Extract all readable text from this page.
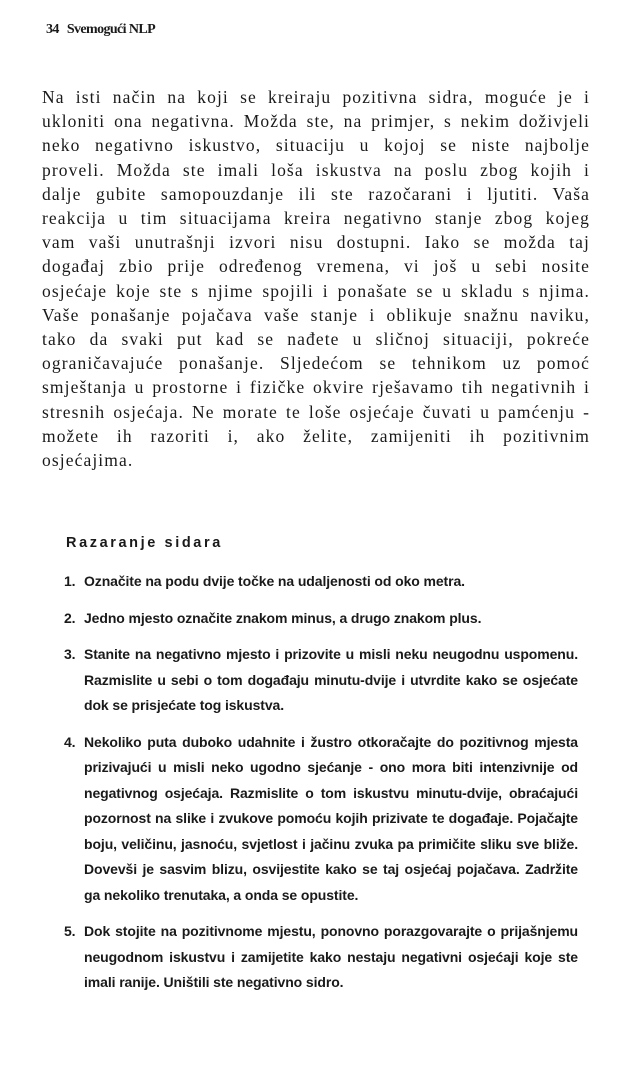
34 Svemogući NLP

Na isti način na koji se kreiraju pozitivna sidra, moguće je i ukloniti ona negativna. Možda ste, na primjer, s nekim doživjeli neko negativno iskustvo, situaciju u kojoj se niste najbolje proveli. Možda ste imali loša iskustva na poslu zbog kojih i dalje gubite samopouzdanje ili ste razočarani i ljutiti. Vaša reakcija u tim situacijama kreira negativno stanje zbog kojeg vam vaši unutrašnji izvori nisu dostupni. Iako se možda taj događaj zbio prije određenog vremena, vi još u sebi nosite osjećaje koje ste s njime spojili i ponašate se u skladu s njima. Vaše ponašanje pojačava vaše stanje i oblikuje snažnu naviku, tako da svaki put kad se nađete u sličnoj situaciji, pokreće ograničavajuće ponašanje. Sljedećom se tehnikom uz pomoć smještanja u prostorne i fizičke okvire rješavamo tih negativnih i stresnih osjećaja. Ne morate te loše osjećaje čuvati u pamćenju - možete ih razoriti i, ako želite, zamijeniti ih pozitivnim osjećajima.

Razaranje sidara
1. Označite na podu dvije točke na udaljenosti od oko metra.
2. Jedno mjesto označite znakom minus, a drugo znakom plus.
3. Stanite na negativno mjesto i prizovite u misli neku neugodnu uspomenu. Razmislite u sebi o tom događaju minutu-dvije i utvrdite kako se osjećate dok se prisjećate tog iskustva.
4. Nekoliko puta duboko udahnite i žustro otkoračajte do pozitivnog mjesta prizivajući u misli neko ugodno sjećanje - ono mora biti intenzivnije od negativnog osjećaja. Razmislite o tom iskustvu minutu-dvije, obraćajući pozornost na slike i zvukove pomoću kojih prizivate te događaje. Pojačajte boju, veličinu, jasnoću, svjetlost i jačinu zvuka pa primičite sliku sve bliže. Dovevši je sasvim blizu, osvijestite kako se taj osjećaj pojačava. Zadržite ga nekoliko trenutaka, a onda se opustite.
5. Dok stojite na pozitivnome mjestu, ponovno porazgovarajte o prijašnjemu neugodnom iskustvu i zamijetite kako nestaju negativni osjećaji koje ste imali ranije. Uništili ste negativno sidro.
